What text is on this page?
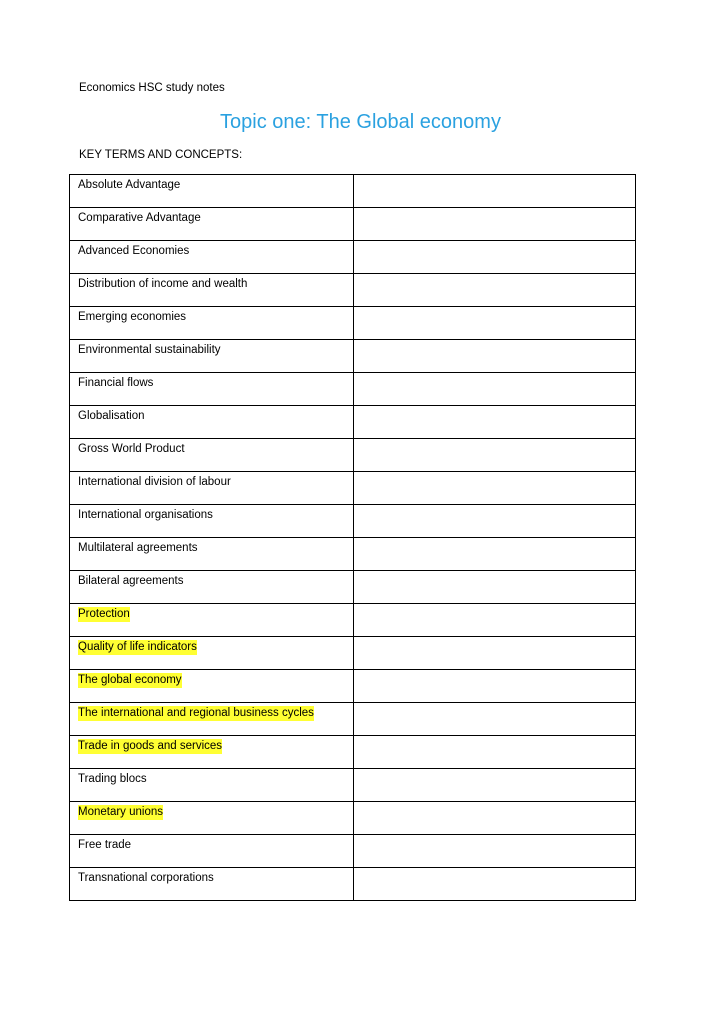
Economics HSC study notes
Topic one: The Global economy
KEY TERMS AND CONCEPTS:
Absolute Advantage	
Comparative Advantage	
Advanced Economies	
Distribution of income and wealth	
Emerging economies	
Environmental sustainability	
Financial flows	
Globalisation	
Gross World Product	
International division of labour	
International organisations	
Multilateral agreements	
Bilateral agreements	
Protection	
Quality of life indicators	
The global economy	
The international and regional business cycles	
Trade in goods and services	
Trading blocs	
Monetary unions	
Free trade	
Transnational corporations	
